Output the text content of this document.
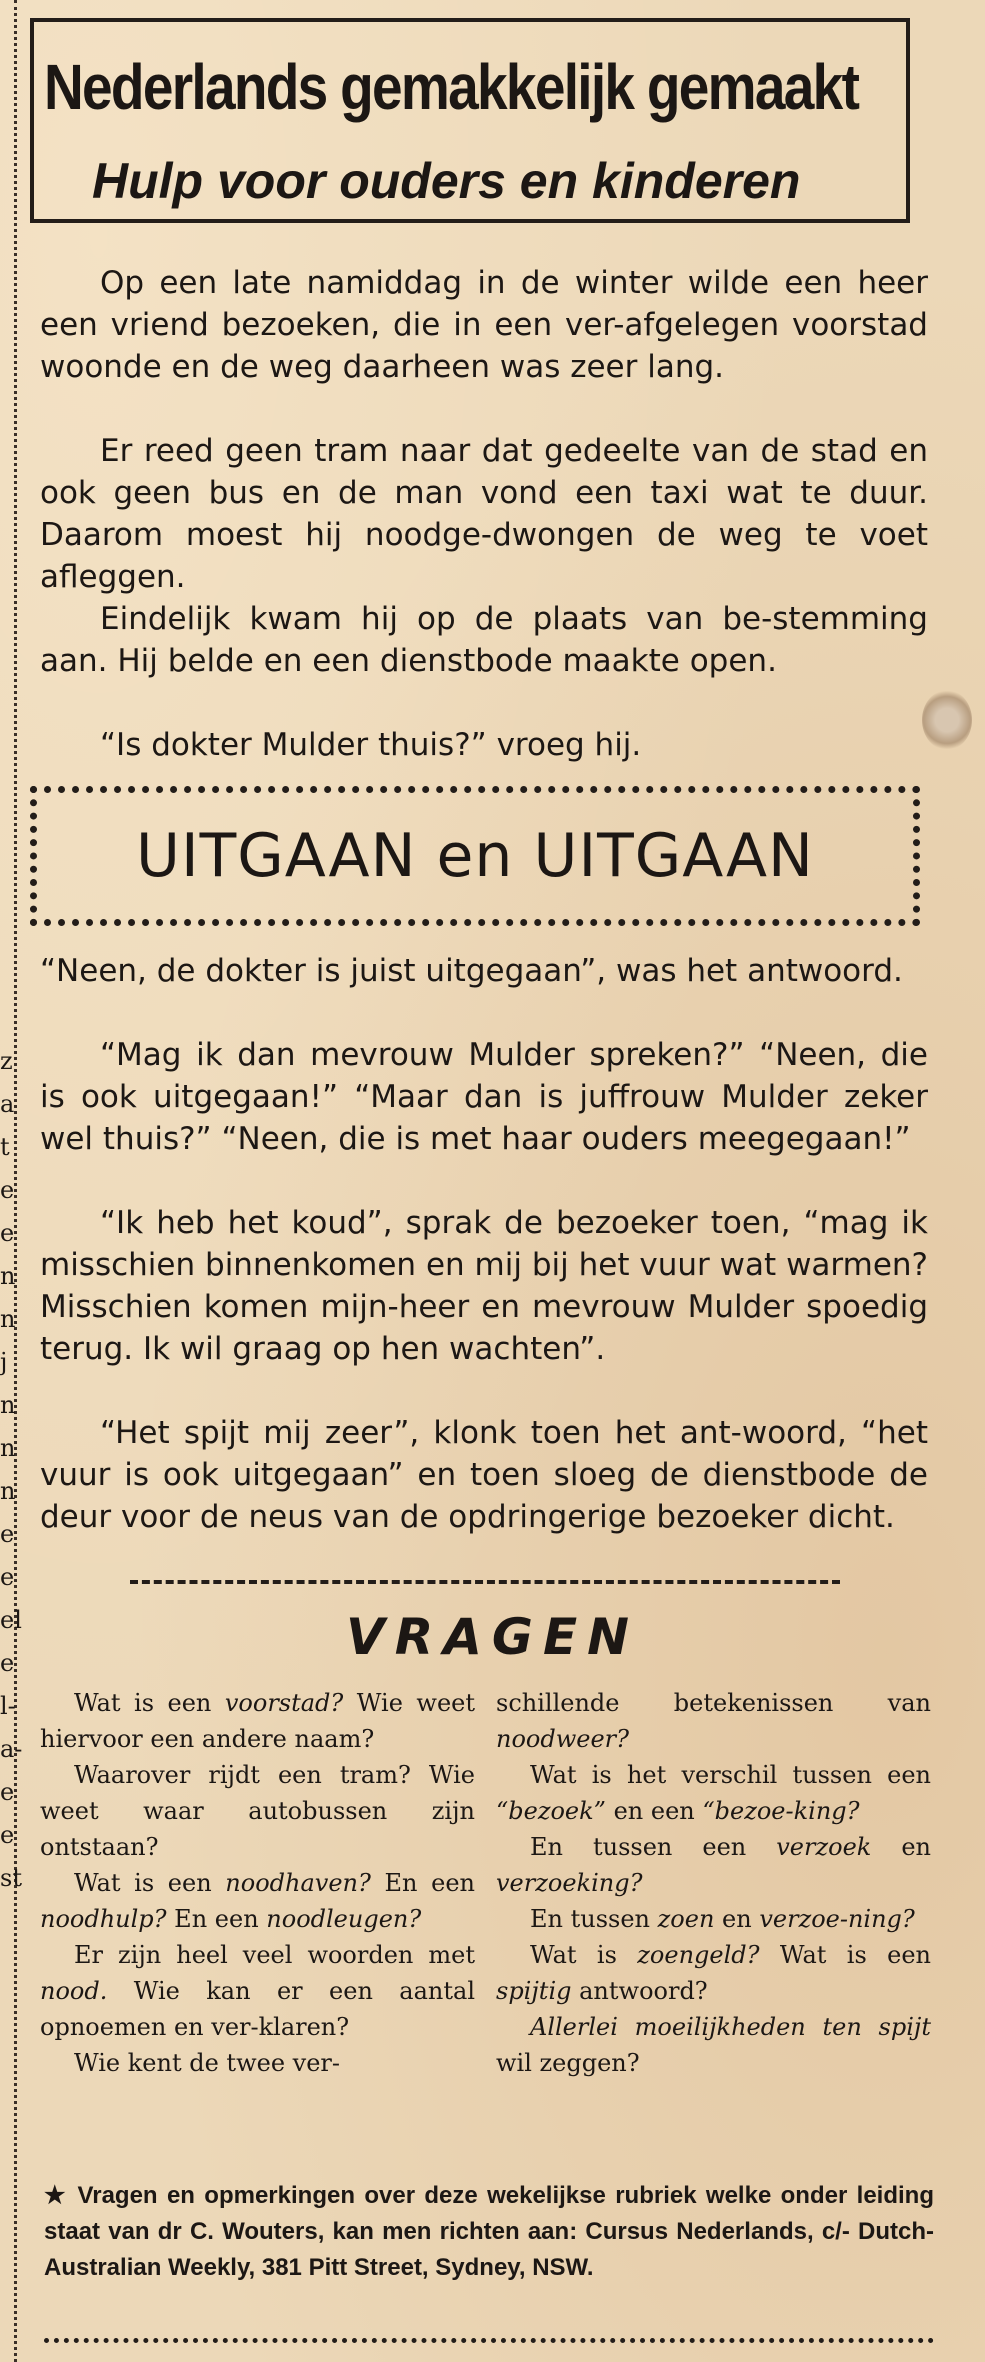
z
a
t
e
e
n
n
j
n
n
n
e
e
el
e
l-
a-
e
e
st
Nederlands gemakkelijk gemaakt
Hulp voor ouders en kinderen
Op een late namiddag in de winter wilde een heer een vriend bezoeken, die in een ver-afgelegen voorstad woonde en de weg daarheen was zeer lang.
Er reed geen tram naar dat gedeelte van de stad en ook geen bus en de man vond een taxi wat te duur. Daarom moest hij noodge-dwongen de weg te voet afleggen.
Eindelijk kwam hij op de plaats van be-stemming aan. Hij belde en een dienstbode maakte open.
“Is dokter Mulder thuis?” vroeg hij.
UITGAAN en UITGAAN
“Neen, de dokter is juist uitgegaan”, was het antwoord.
“Mag ik dan mevrouw Mulder spreken?” “Neen, die is ook uitgegaan!” “Maar dan is juffrouw Mulder zeker wel thuis?” “Neen, die is met haar ouders meegegaan!”
“Ik heb het koud”, sprak de bezoeker toen, “mag ik misschien binnenkomen en mij bij het vuur wat warmen? Misschien komen mijn-heer en mevrouw Mulder spoedig terug. Ik wil graag op hen wachten”.
“Het spijt mij zeer”, klonk toen het ant-woord, “het vuur is ook uitgegaan” en toen sloeg de dienstbode de deur voor de neus van de opdringerige bezoeker dicht.
VRAGEN

Wat is een voorstad? Wie weet hiervoor een andere naam?

Waarover rijdt een tram? Wie weet waar autobussen zijn ontstaan?

Wat is een noodhaven? En een noodhulp? En een noodleugen?

Er zijn heel veel woorden met nood. Wie kan er een aantal opnoemen en ver-klaren?

Wie kent de twee ver-

schillende betekenissen van noodweer?

Wat is het verschil tussen een “bezoek” en een “bezoe-king?

En tussen een verzoek en verzoeking?

En tussen zoen en verzoe-ning?

Wat is zoengeld? Wat is een spijtig antwoord?

Allerlei moeilijkheden ten spijt wil zeggen?

★ Vragen en opmerkingen over deze wekelijkse rubriek welke onder leiding staat van dr C. Wouters, kan men richten aan: Cursus Nederlands, c/- Dutch-Australian Weekly, 381 Pitt Street, Sydney, NSW.
